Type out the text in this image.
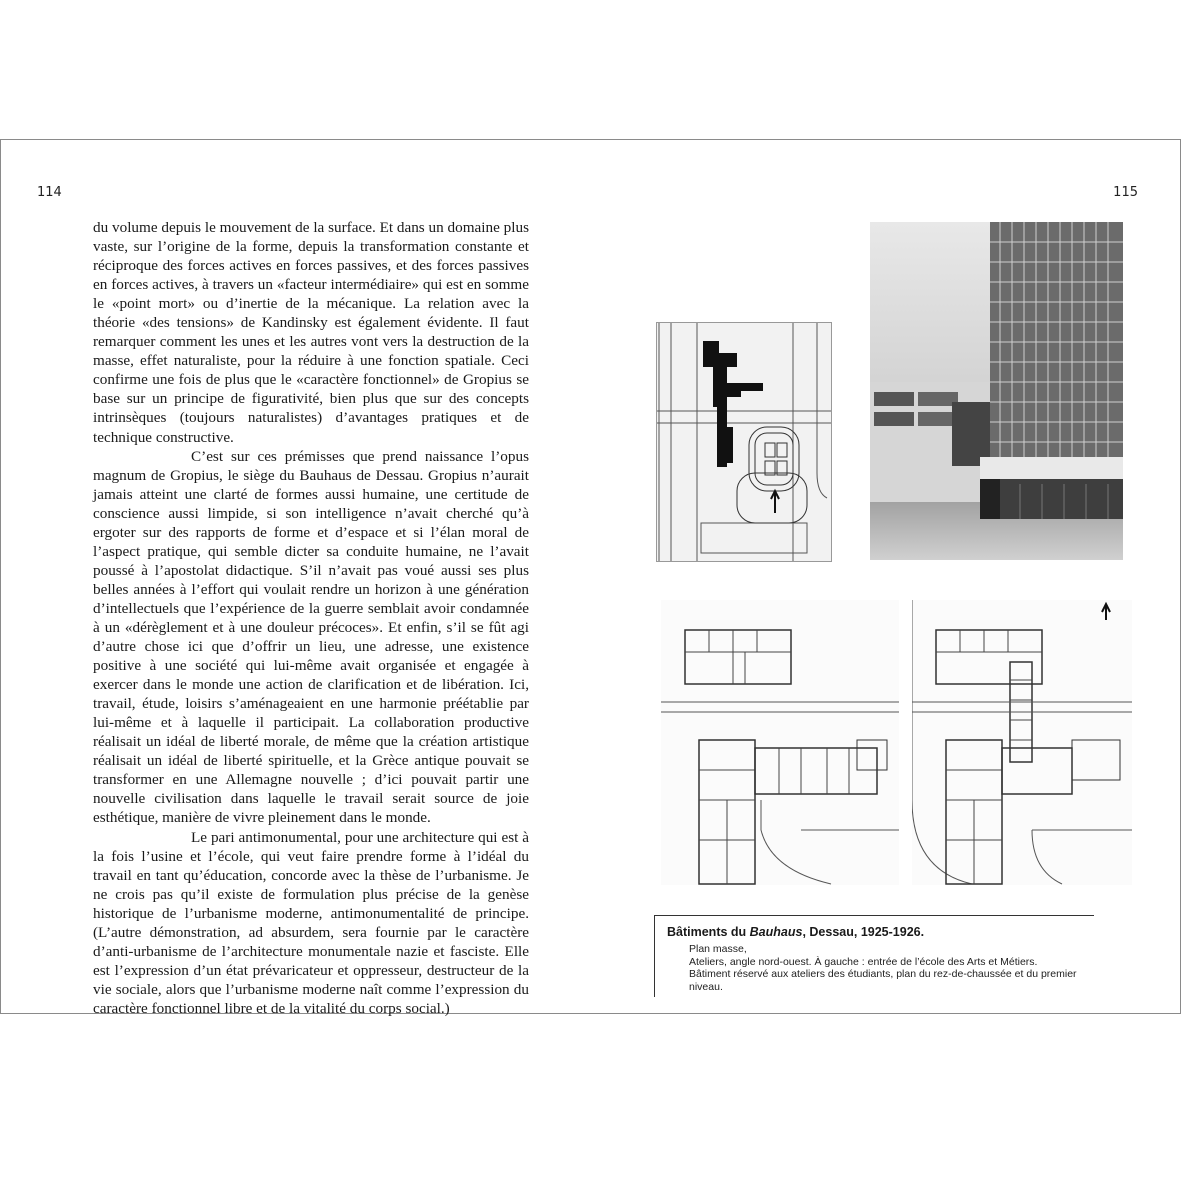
114	115

du volume depuis le mouvement de la surface. Et dans un domaine plus vaste, sur l’origine de la forme, depuis la transformation constante et réciproque des forces actives en forces passives, et des forces passives en forces actives, à travers un «facteur intermédiaire» qui est en somme le «point mort» ou d’inertie de la mécanique. La relation avec la théorie «des tensions» de Kandinsky est également évidente. Il faut remarquer comment les unes et les autres vont vers la destruction de la masse, effet naturaliste, pour la réduire à une fonction spatiale. Ceci confirme une fois de plus que le «caractère fonctionnel» de Gropius se base sur un principe de figurativité, bien plus que sur des concepts intrinsèques (toujours naturalistes) d’avantages pratiques et de technique constructive.

C’est sur ces prémisses que prend naissance l’opus magnum de Gropius, le siège du Bauhaus de Dessau. Gropius n’aurait jamais atteint une clarté de formes aussi humaine, une certitude de conscience aussi limpide, si son intelligence n’avait cherché qu’à ergoter sur des rapports de forme et d’espace et si l’élan moral de l’aspect pratique, qui semble dicter sa conduite humaine, ne l’avait poussé à l’apostolat didactique. S’il n’avait pas voué aussi ses plus belles années à l’effort qui voulait rendre un horizon à une génération d’intellectuels que l’expérience de la guerre semblait avoir condamnée à un «dérèglement et à une douleur précoces». Et enfin, s’il se fût agi d’autre chose ici que d’offrir un lieu, une adresse, une existence positive à une société qui lui-même avait organisée et engagée à exercer dans le monde une action de clarification et de libération. Ici, travail, étude, loisirs s’aménageaient en une harmonie préétablie par lui-même et à laquelle il participait. La collaboration productive réalisait un idéal de liberté morale, de même que la création artistique réalisait un idéal de liberté spirituelle, et la Grèce antique pouvait se transformer en une Allemagne nouvelle ; d’ici pouvait partir une nouvelle civilisation dans laquelle le travail serait source de joie esthétique, manière de vivre pleinement dans le monde.

Le pari antimonumental, pour une architecture qui est à la fois l’usine et l’école, qui veut faire prendre forme à l’idéal du travail en tant qu’éducation, concorde avec la thèse de l’urbanisme. Je ne crois pas qu’il existe de formulation plus précise de la genèse historique de l’urbanisme moderne, antimonumentalité de principe. (L’autre démonstration, ad absurdem, sera fournie par le caractère d’anti-urbanisme de l’architecture monumentale nazie et fasciste. Elle est l’expression d’un état prévaricateur et oppresseur, destructeur de la vie sociale, alors que l’urbanisme moderne naît comme l’expression du caractère fonctionnel libre et de la vitalité du corps social.)

Bâtiments du Bauhaus, Dessau, 1925-1926.
Plan masse,
Ateliers, angle nord-ouest. À gauche : entrée de l’école des Arts et Métiers.
Bâtiment réservé aux ateliers des étudiants, plan du rez-de-chaussée et du premier niveau.
